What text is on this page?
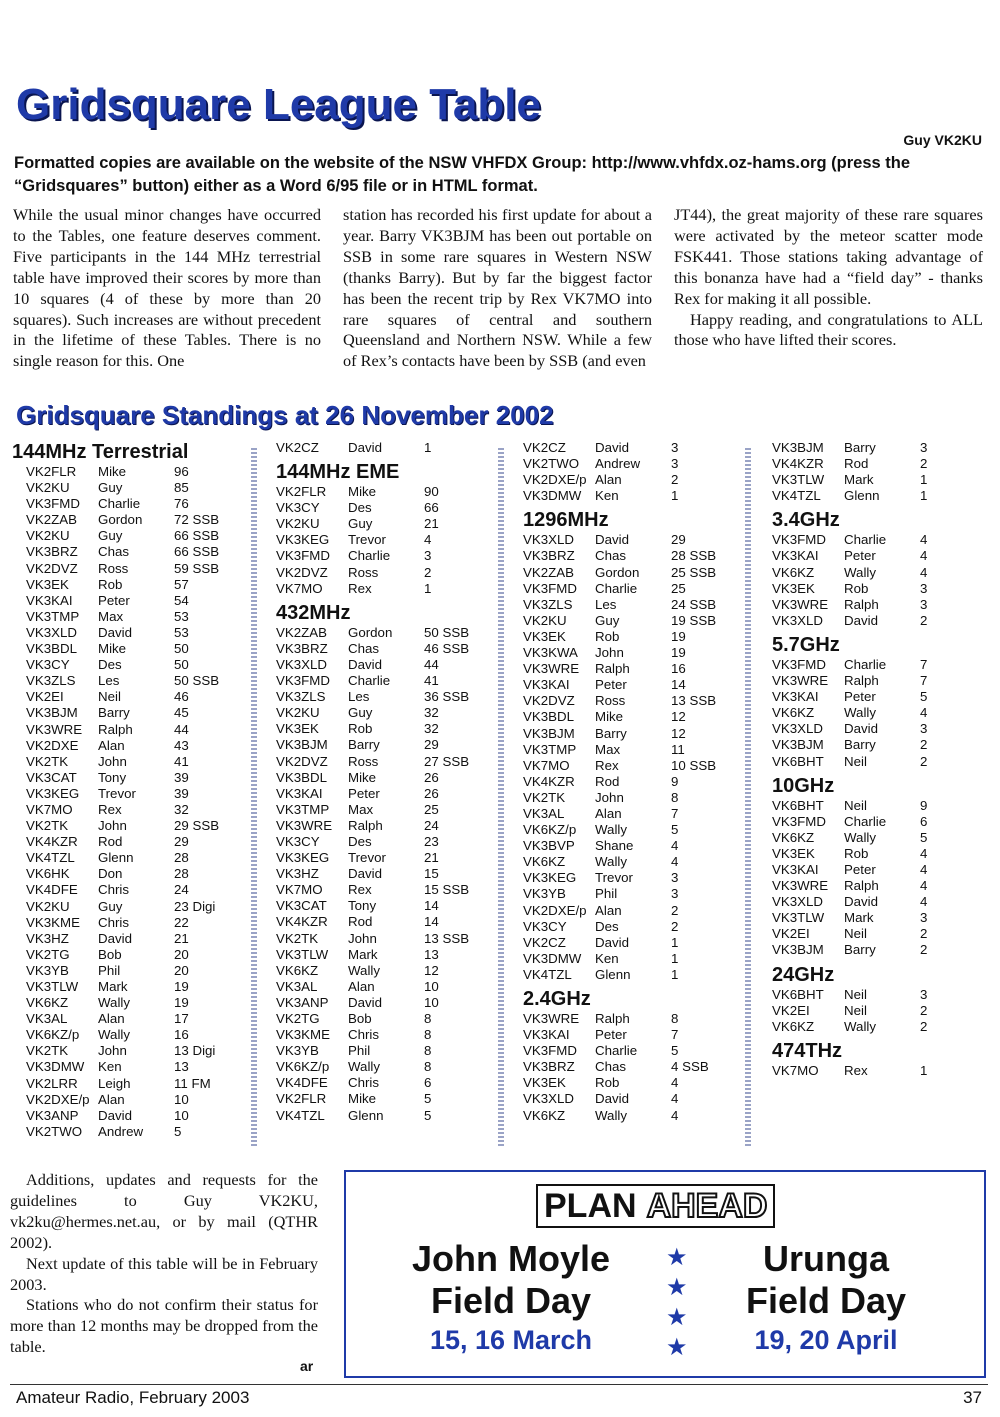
Gridsquare League Table
Guy VK2KU
Formatted copies are available on the website of the NSW VHFDX Group: http://www.vhfdx.oz-hams.org (press the “Gridsquares” button) either as a Word 6/95 file or in HTML format.

While the usual minor changes have occurred to the Tables, one feature deserves comment. Five participants in the 144 MHz terrestrial table have improved their scores by more than 10 squares (4 of these by more than 20 squares). Such increases are without precedent in the lifetime of these Tables. There is no single reason for this. One

station has recorded his first update for about a year. Barry VK3BJM has been out portable on SSB in some rare squares in Western NSW (thanks Barry). But by far the biggest factor has been the recent trip by Rex VK7MO into rare squares of central and southern Queensland and Northern NSW. While a few of Rex’s contacts have been by SSB (and even

JT44), the great majority of these rare squares were activated by the meteor scatter mode FSK441. Those stations taking advantage of this bonanza have had a “field day” - thanks Rex for making it all possible.

Happy reading, and congratulations to ALL those who have lifted their scores.

Gridsquare Standings at 26 November 2002
144MHz Terrestrial
VK2FLR	Mike	96
VK2KU	Guy	85
VK3FMD	Charlie	76
VK2ZAB	Gordon	72 SSB
VK2KU	Guy	66 SSB
VK3BRZ	Chas	66 SSB
VK2DVZ	Ross	59 SSB
VK3EK	Rob	57
VK3KAI	Peter	54
VK3TMP	Max	53
VK3XLD	David	53
VK3BDL	Mike	50
VK3CY	Des	50
VK3ZLS	Les	50 SSB
VK2EI	Neil	46
VK3BJM	Barry	45
VK3WRE	Ralph	44
VK2DXE	Alan	43
VK2TK	John	41
VK3CAT	Tony	39
VK3KEG	Trevor	39
VK7MO	Rex	32
VK2TK	John	29 SSB
VK4KZR	Rod	29
VK4TZL	Glenn	28
VK6HK	Don	28
VK4DFE	Chris	24
VK2KU	Guy	23 Digi
VK3KME	Chris	22
VK3HZ	David	21
VK2TG	Bob	20
VK3YB	Phil	20
VK3TLW	Mark	19
VK6KZ	Wally	19
VK3AL	Alan	17
VK6KZ/p	Wally	16
VK2TK	John	13 Digi
VK3DMW	Ken	13
VK2LRR	Leigh	11 FM
VK2DXE/p Alan	10
VK3ANP	David	10
VK2TWO	Andrew	5
VK2CZ	David	1
144MHz EME
VK2FLR	Mike	90
VK3CY	Des	66
VK2KU	Guy	21
VK3KEG	Trevor	4
VK3FMD	Charlie	3
VK2DVZ	Ross	2
VK7MO	Rex	1
432MHz
VK2ZAB	Gordon	50 SSB
VK3BRZ	Chas	46 SSB
VK3XLD	David	44
VK3FMD	Charlie	41
VK3ZLS	Les	36 SSB
VK2KU	Guy	32
VK3EK	Rob	32
VK3BJM	Barry	29
VK2DVZ	Ross	27 SSB
VK3BDL	Mike	26
VK3KAI	Peter	26
VK3TMP	Max	25
VK3WRE	Ralph	24
VK3CY	Des	23
VK3KEG	Trevor	21
VK3HZ	David	15
VK7MO	Rex	15 SSB
VK3CAT	Tony	14
VK4KZR	Rod	14
VK2TK	John	13 SSB
VK3TLW	Mark	13
VK6KZ	Wally	12
VK3AL	Alan	10
VK3ANP	David	10
VK2TG	Bob	8
VK3KME	Chris	8
VK3YB	Phil	8
VK6KZ/p	Wally	8
VK4DFE	Chris	6
VK2FLR	Mike	5
VK4TZL	Glenn	5
VK2CZ	David	3
VK2TWO	Andrew	3
VK2DXE/p Alan	2
VK3DMW	Ken	1
1296MHz
VK3XLD	David	29
VK3BRZ	Chas	28 SSB
VK2ZAB	Gordon	25 SSB
VK3FMD	Charlie	25
VK3ZLS	Les	24 SSB
VK2KU	Guy	19 SSB
VK3EK	Rob	19
VK3KWA	John	19
VK3WRE	Ralph	16
VK3KAI	Peter	14
VK2DVZ	Ross	13 SSB
VK3BDL	Mike	12
VK3BJM	Barry	12
VK3TMP	Max	11
VK7MO	Rex	10 SSB
VK4KZR	Rod	9
VK2TK	John	8
VK3AL	Alan	7
VK6KZ/p	Wally	5
VK3BVP	Shane	4
VK6KZ	Wally	4
VK3KEG	Trevor	3
VK3YB	Phil	3
VK2DXE/p Alan	2
VK3CY	Des	2
VK2CZ	David	1
VK3DMW	Ken	1
VK4TZL	Glenn	1
2.4GHz
VK3WRE	Ralph	8
VK3KAI	Peter	7
VK3FMD	Charlie	5
VK3BRZ	Chas	4 SSB
VK3EK	Rob	4
VK3XLD	David	4
VK6KZ	Wally	4
VK3BJM	Barry	3
VK4KZR	Rod	2
VK3TLW	Mark	1
VK4TZL	Glenn	1
3.4GHz
VK3FMD	Charlie	4
VK3KAI	Peter	4
VK6KZ	Wally	4
VK3EK	Rob	3
VK3WRE	Ralph	3
VK3XLD	David	2
5.7GHz
VK3FMD	Charlie	7
VK3WRE	Ralph	7
VK3KAI	Peter	5
VK6KZ	Wally	4
VK3XLD	David	3
VK3BJM	Barry	2
VK6BHT	Neil	2
10GHz
VK6BHT	Neil	9
VK3FMD	Charlie	6
VK6KZ	Wally	5
VK3EK	Rob	4
VK3KAI	Peter	4
VK3WRE	Ralph	4
VK3XLD	David	4
VK3TLW	Mark	3
VK2EI	Neil	2
VK3BJM	Barry	2
24GHz
VK6BHT	Neil	3
VK2EI	Neil	2
VK6KZ	Wally	2
474THz
VK7MO	Rex	1

Additions, updates and requests for the guidelines to Guy VK2KU, vk2ku@hermes.net.au, or by mail (QTHR 2002).

Next update of this table will be in February 2003.

Stations who do not confirm their status for more than 12 months may be dropped from the table.

ar
PLAN AHEAD
John Moyle
Field Day
15, 16 March
★
★
★
★
Urunga
Field Day
19, 20 April
Amateur Radio, February 2003	37
